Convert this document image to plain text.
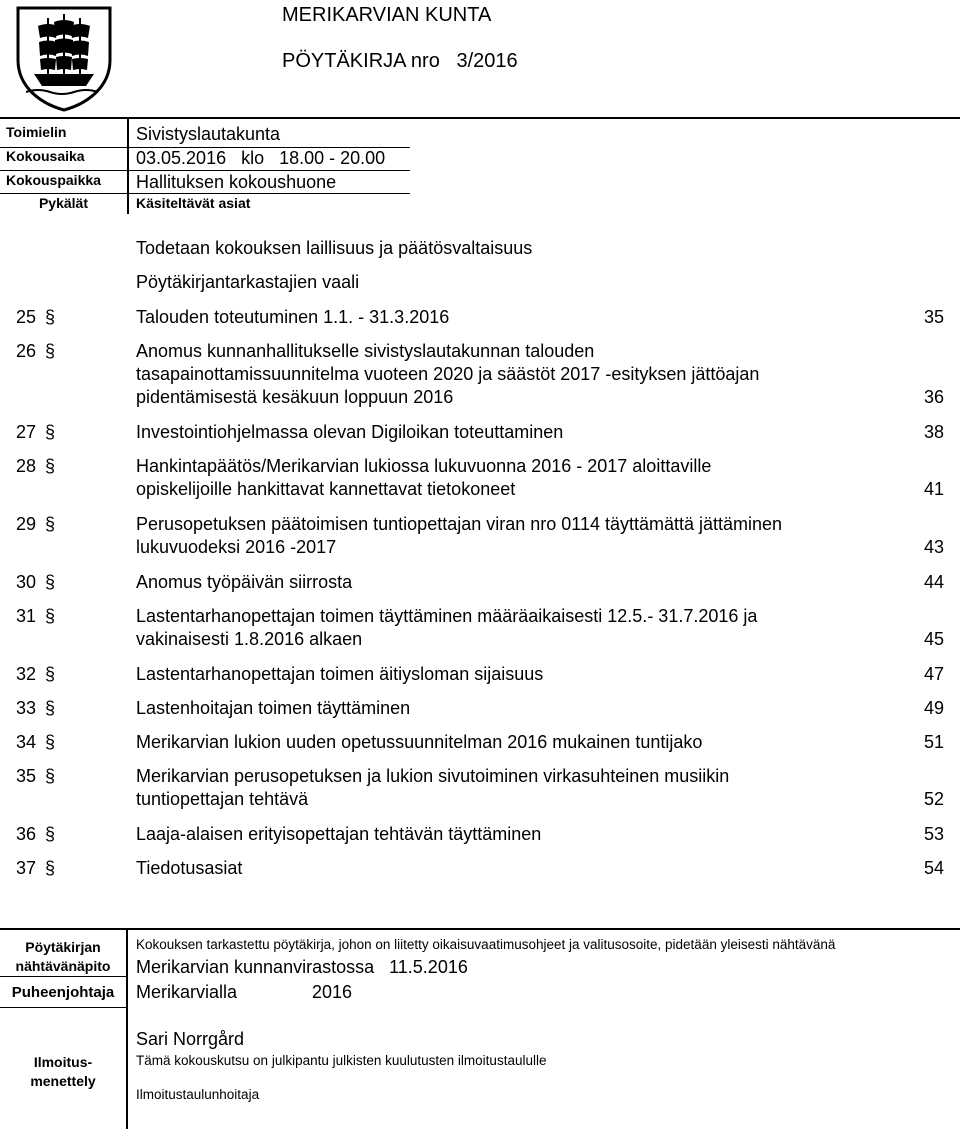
MERIKARVIAN KUNTA
PÖYTÄKIRJA nro   3/2016
Toimielin	Sivistyslautakunta
Kokousaika	03.05.2016   klo   18.00 - 20.00
Kokouspaikka Hallituksen kokoushuone
Pykälät	Käsiteltävät asiat
Todetaan kokouksen laillisuus ja päätösvaltaisuus
Pöytäkirjantarkastajien vaali
25 §	Talouden toteutuminen 1.1. - 31.3.2016	35
26 §	Anomus kunnanhallitukselle sivistyslautakunnan talouden
tasapainottamissuunnitelma vuoteen 2020 ja säästöt 2017 -esityksen jättöajan
pidentämisestä kesäkuun loppuun 2016	36
27 §	Investointiohjelmassa olevan Digiloikan toteuttaminen	38
28 §	Hankintapäätös/Merikarvian lukiossa lukuvuonna 2016 - 2017 aloittaville
opiskelijoille hankittavat kannettavat tietokoneet	41
29 §	Perusopetuksen päätoimisen tuntiopettajan viran nro 0114 täyttämättä jättäminen
lukuvuodeksi 2016 -2017	43
30 §	Anomus työpäivän siirrosta	44
31 §	Lastentarhanopettajan toimen täyttäminen määräaikaisesti 12.5.- 31.7.2016 ja
vakinaisesti 1.8.2016 alkaen	45
32 §	Lastentarhanopettajan toimen äitiysloman sijaisuus	47
33 §	Lastenhoitajan toimen täyttäminen	49
34 §	Merikarvian lukion uuden opetussuunnitelman 2016 mukainen tuntijako	51
35 §	Merikarvian perusopetuksen ja lukion sivutoiminen virkasuhteinen musiikin
tuntiopettajan tehtävä	52
36 §	Laaja-alaisen erityisopettajan tehtävän täyttäminen	53
37 §	Tiedotusasiat	54
Pöytäkirjan
nähtävänäpito
Kokouksen tarkastettu pöytäkirja, johon on liitetty oikaisuvaatimusohjeet ja valitusosoite, pidetään yleisesti nähtävänä
Merikarvian kunnanvirastossa   11.5.2016
Puheenjohtaja	Merikarvialla	2016
Sari Norrgård
Ilmoitus-
menettely
Tämä kokouskutsu on julkipantu julkisten kuulutusten ilmoitustaululle
Ilmoitustaulunhoitaja
